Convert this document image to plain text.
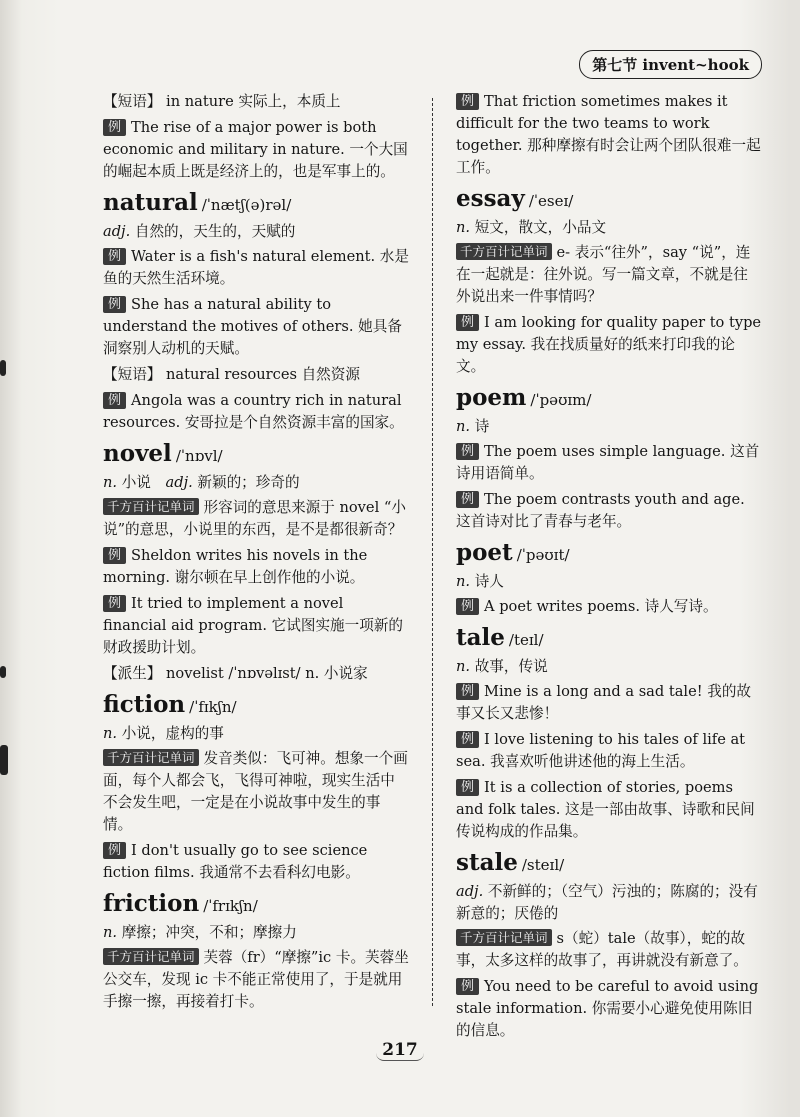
第七节 invent~hook
【短语】 in nature 实际上，本质上
例 The rise of a major power is both economic and military in nature. 一个大国的崛起本质上既是经济上的，也是军事上的。
natural /ˈnætʃ(ə)rəl/
adj. 自然的，天生的，天赋的
例 Water is a fish's natural element. 水是鱼的天然生活环境。
例 She has a natural ability to understand the motives of others. 她具备洞察别人动机的天赋。
【短语】 natural resources 自然资源
例 Angola was a country rich in natural resources. 安哥拉是个自然资源丰富的国家。
novel /ˈnɒvl/
n. 小说 adj. 新颖的；珍奇的
千方百计记单词 形容词的意思来源于 novel “小说”的意思，小说里的东西，是不是都很新奇？
例 Sheldon writes his novels in the morning. 谢尔顿在早上创作他的小说。
例 It tried to implement a novel financial aid program. 它试图实施一项新的财政援助计划。
【派生】 novelist /ˈnɒvəlɪst/ n. 小说家
fiction /ˈfɪkʃn/
n. 小说，虚构的事
千方百计记单词 发音类似：飞可神。想象一个画面，每个人都会飞，飞得可神啦，现实生活中不会发生吧，一定是在小说故事中发生的事情。
例 I don't usually go to see science fiction films. 我通常不去看科幻电影。
friction /ˈfrɪkʃn/
n. 摩擦；冲突，不和；摩擦力
千方百计记单词 芙蓉（fr）“摩擦”ic 卡。芙蓉坐公交车，发现 ic 卡不能正常使用了，于是就用手擦一擦，再接着打卡。
例 That friction sometimes makes it difficult for the two teams to work together. 那种摩擦有时会让两个团队很难一起工作。
essay /ˈeseɪ/
n. 短文，散文，小品文
千方百计记单词 e- 表示“往外”，say “说”，连在一起就是：往外说。写一篇文章，不就是往外说出来一件事情吗？
例 I am looking for quality paper to type my essay. 我在找质量好的纸来打印我的论文。
poem /ˈpəʊɪm/
n. 诗
例 The poem uses simple language. 这首诗用语简单。
例 The poem contrasts youth and age. 这首诗对比了青春与老年。
poet /ˈpəʊɪt/
n. 诗人
例 A poet writes poems. 诗人写诗。
tale /teɪl/
n. 故事，传说
例 Mine is a long and a sad tale! 我的故事又长又悲惨！
例 I love listening to his tales of life at sea. 我喜欢听他讲述他的海上生活。
例 It is a collection of stories, poems and folk tales. 这是一部由故事、诗歌和民间传说构成的作品集。
stale /steɪl/
adj. 不新鲜的；（空气）污浊的；陈腐的；没有新意的；厌倦的
千方百计记单词 s（蛇）tale（故事），蛇的故事，太多这样的故事了，再讲就没有新意了。
例 You need to be careful to avoid using stale information. 你需要小心避免使用陈旧的信息。
217
